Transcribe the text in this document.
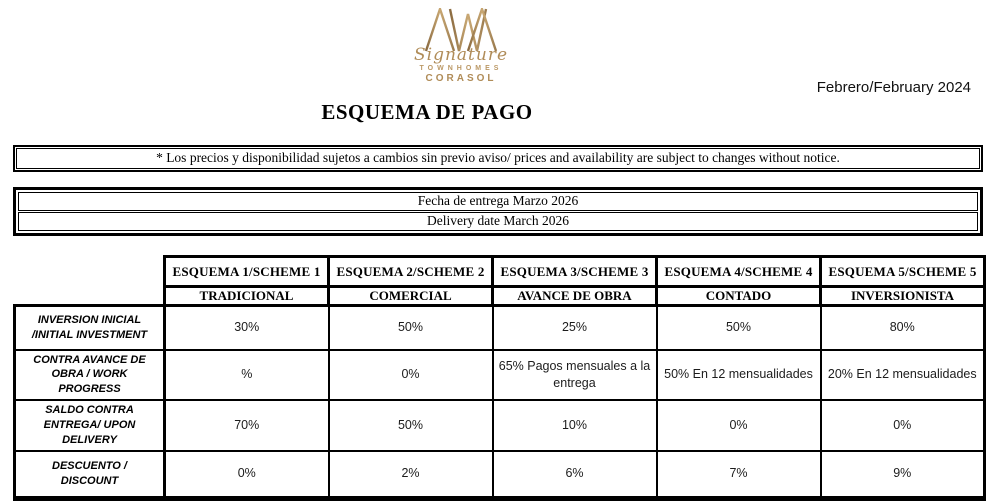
Signature
TOWNHOMES
CORASOL
Febrero/February 2024
ESQUEMA DE PAGO
* Los precios y disponibilidad sujetos a cambios sin previo aviso/ prices and availability are subject to changes without notice.
Fecha de entrega Marzo 2026
Delivery date March 2026
	ESQUEMA 1/SCHEME 1	ESQUEMA 2/SCHEME 2	ESQUEMA 3/SCHEME 3	ESQUEMA 4/SCHEME 4	ESQUEMA 5/SCHEME 5
	TRADICIONAL	COMERCIAL	AVANCE DE OBRA	CONTADO	INVERSIONISTA
INVERSION INICIAL /INITIAL INVESTMENT	30%	50%	25%	50%	80%
CONTRA AVANCE DE OBRA / WORK PROGRESS	%	0%	65% Pagos mensuales a la entrega	50% En 12 mensualidades	20% En 12 mensualidades
SALDO CONTRA ENTREGA/ UPON DELIVERY	70%	50%	10%	0%	0%
DESCUENTO / DISCOUNT	0%	2%	6%	7%	9%
